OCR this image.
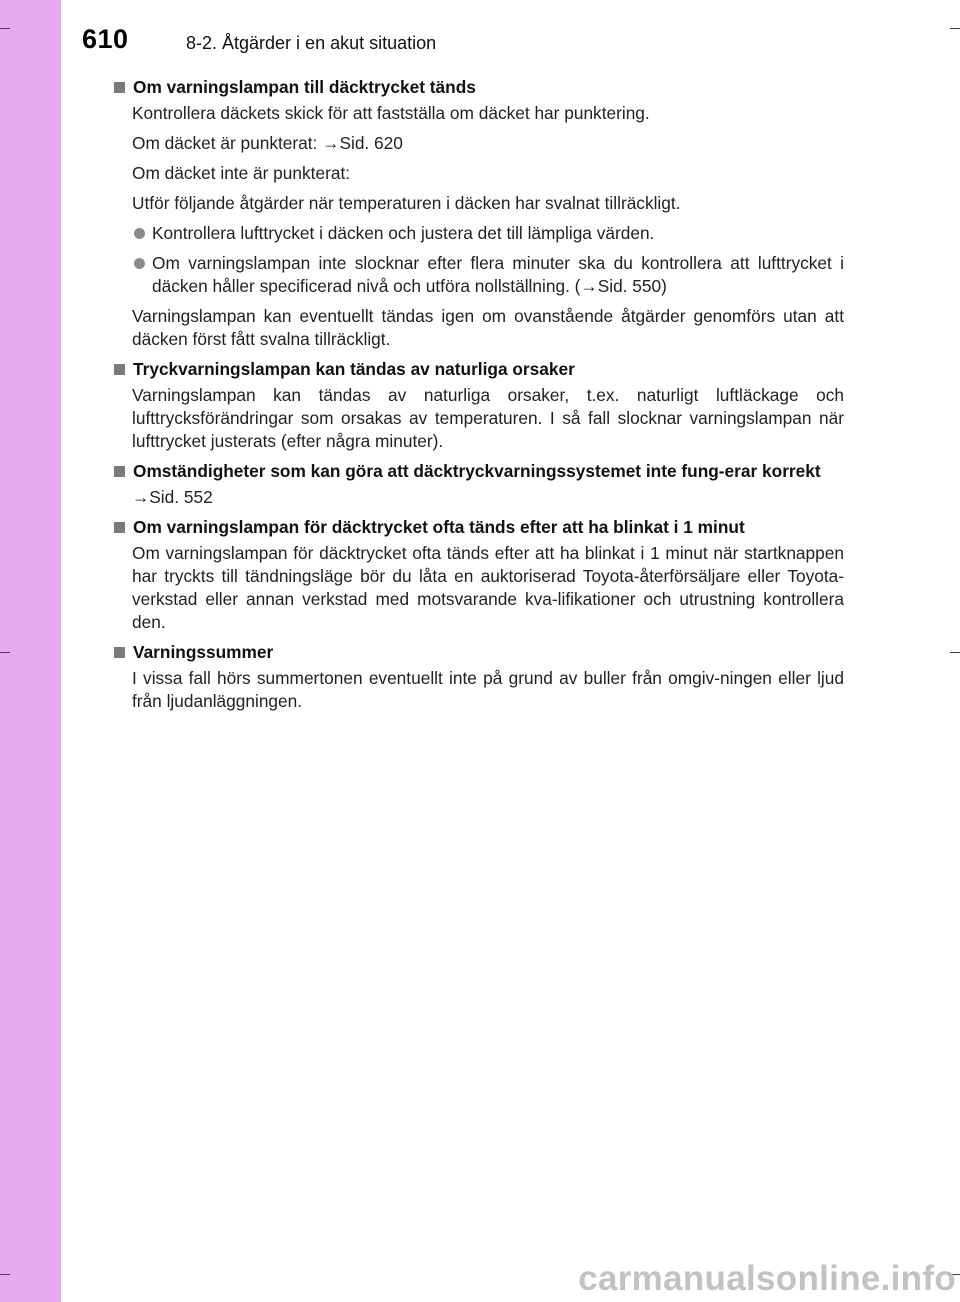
610	8-2. Åtgärder i en akut situation
Om varningslampan till däcktrycket tänds

Kontrollera däckets skick för att fastställa om däcket har punktering.

Om däcket är punkterat: →Sid. 620

Om däcket inte är punkterat:

Utför följande åtgärder när temperaturen i däcken har svalnat tillräckligt.

Kontrollera lufttrycket i däcken och justera det till lämpliga värden.
Om varningslampan inte slocknar efter flera minuter ska du kontrollera att lufttrycket i däcken håller specificerad nivå och utföra nollställning. (→Sid. 550)

Varningslampan kan eventuellt tändas igen om ovanstående åtgärder genomförs utan att däcken först fått svalna tillräckligt.

Tryckvarningslampan kan tändas av naturliga orsaker

Varningslampan kan tändas av naturliga orsaker, t.ex. naturligt luftläckage och lufttrycksförändringar som orsakas av temperaturen. I så fall slocknar varningslampan när lufttrycket justerats (efter några minuter).

Omständigheter som kan göra att däcktryckvarningssystemet inte fung-erar korrekt

→Sid. 552

Om varningslampan för däcktrycket ofta tänds efter att ha blinkat i 1 minut

Om varningslampan för däcktrycket ofta tänds efter att ha blinkat i 1 minut när startknappen har tryckts till tändningsläge bör du låta en auktoriserad Toyota-återförsäljare eller Toyota-verkstad eller annan verkstad med motsvarande kva-lifikationer och utrustning kontrollera den.

Varningssummer

I vissa fall hörs summertonen eventuellt inte på grund av buller från omgiv-ningen eller ljud från ljudanläggningen.

carmanualsonline.info
